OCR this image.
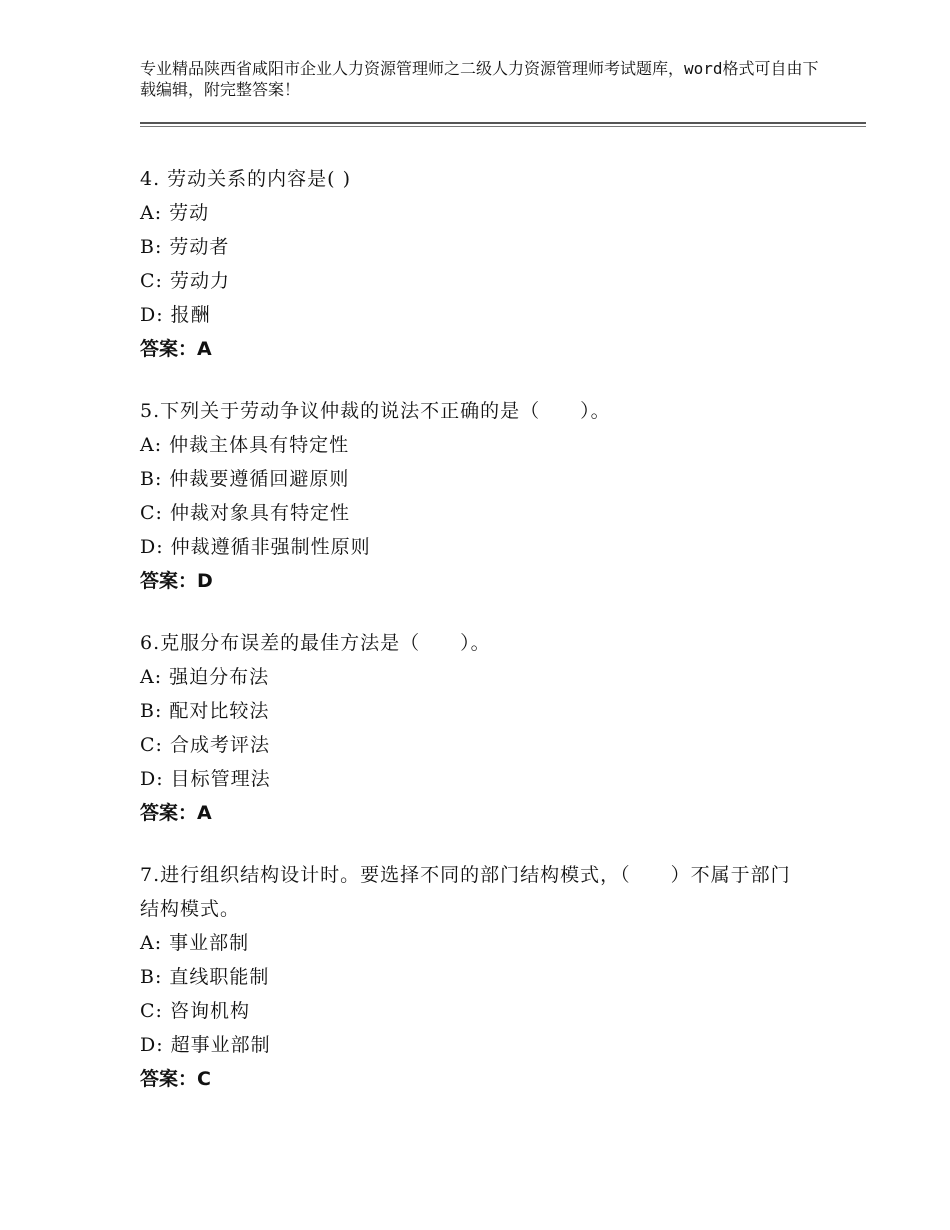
专业精品陕西省咸阳市企业人力资源管理师之二级人力资源管理师考试题库，word格式可自由下载编辑，附完整答案！
4. 劳动关系的内容是( )
A: 劳动
B: 劳动者
C: 劳动力
D: 报酬
答案：A
5.下列关于劳动争议仲裁的说法不正确的是（　　）。
A: 仲裁主体具有特定性
B: 仲裁要遵循回避原则
C: 仲裁对象具有特定性
D: 仲裁遵循非强制性原则
答案：D
6.克服分布误差的最佳方法是（　　）。
A: 强迫分布法
B: 配对比较法
C: 合成考评法
D: 目标管理法
答案：A
7.进行组织结构设计时。要选择不同的部门结构模式，（　　）不属于部门结构模式。
A: 事业部制
B: 直线职能制
C: 咨询机构
D: 超事业部制
答案：C
